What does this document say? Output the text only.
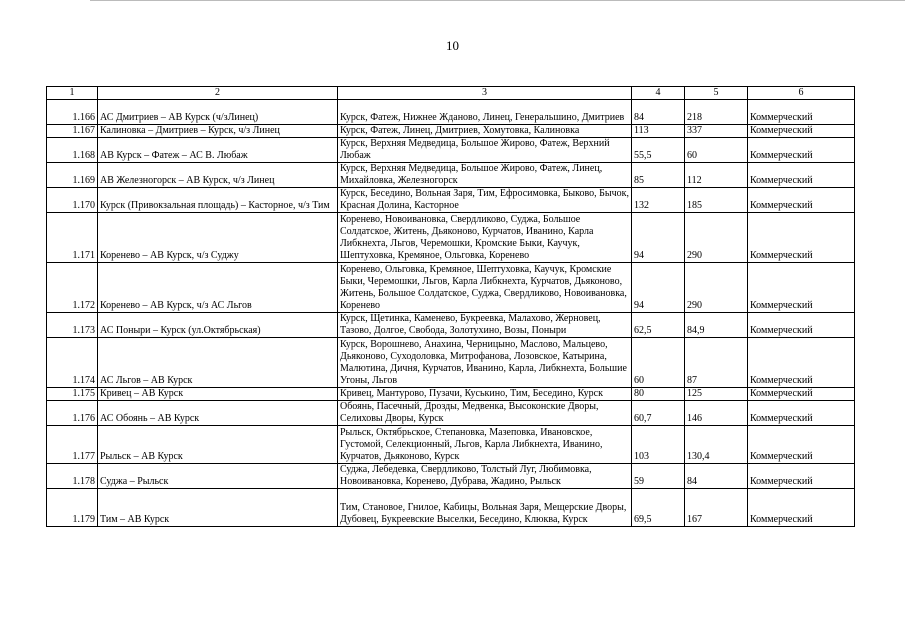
10
1	2	3	4	5	6
1.166	АС Дмитриев – АВ Курск (ч/зЛинец)	Курск, Фатеж, Нижнее Жданово, Линец, Генеральшино, Дмитриев	84	218	Коммерческий
1.167	Калиновка – Дмитриев – Курск, ч/з Линец	Курск, Фатеж, Линец, Дмитриев, Хомутовка, Калиновка	113	337	Коммерческий
1.168	АВ Курск – Фатеж – АС В. Любаж	Курск, Верхняя Медведица, Большое Жирово, Фатеж, Верхний Любаж	55,5	60	Коммерческий
1.169	АВ Железногорск – АВ Курск, ч/з Линец	Курск, Верхняя Медведица, Большое Жирово, Фатеж, Линец, Михайловка, Железногорск	85	112	Коммерческий
1.170	Курск (Привокзальная площадь) – Касторное, ч/з Тим	Курск, Беседино, Вольная Заря, Тим, Ефросимовка, Быково, Бычок, Красная Долина, Касторное	132	185	Коммерческий
1.171	Коренево – АВ Курск, ч/з Суджу	Коренево, Новоивановка, Свердликово, Суджа, Большое Солдатское, Житень, Дьяконово, Курчатов, Иванино, Карла Либкнехта, Льгов, Черемошки, Кромские Быки, Каучук, Шептуховка, Кремяное, Ольговка, Коренево	94	290	Коммерческий
1.172	Коренево – АВ Курск, ч/з АС Льгов	Коренево, Ольговка, Кремяное, Шептуховка, Каучук, Кромские Быки, Черемошки, Льгов, Карла Либкнехта, Курчатов, Дьяконово, Житень, Большое Солдатское, Суджа, Свердликово, Новоивановка, Коренево	94	290	Коммерческий
1.173	АС Поныри – Курск (ул.Октябрьская)	Курск, Щетинка, Каменево, Букреевка, Малахово, Жерновец, Тазово, Долгое, Свобода, Золотухино, Возы, Поныри	62,5	84,9	Коммерческий
1.174	АС Льгов – АВ Курск	Курск, Ворошнево, Анахина, Черницыно, Маслово, Мальцево, Дьяконово, Суходоловка, Митрофанова, Лозовское, Катырина, Малютина, Дичня, Курчатов, Иванино, Карла, Либкнехта, Большие Угоны, Льгов	60	87	Коммерческий
1.175	Кривец – АВ Курск	Кривец, Мантурово, Пузачи, Куськино, Тим, Беседино, Курск	80	125	Коммерческий
1.176	АС Обоянь – АВ Курск	Обоянь, Пасечный, Дрозды, Медвенка, Высоконские Дворы, Селиховы Дворы, Курск	60,7	146	Коммерческий
1.177	Рыльск – АВ Курск	Рыльск, Октябрьское, Степановка, Мазеповка, Ивановское, Густомой, Селекционный, Льгов, Карла Либкнехта, Иванино, Курчатов, Дьяконово, Курск	103	130,4	Коммерческий
1.178	Суджа – Рыльск	Суджа, Лебедевка, Свердликово, Толстый Луг, Любимовка, Новоивановка, Коренево, Дубрава, Жадино, Рыльск	59	84	Коммерческий
1.179	Тим – АВ Курск	Тим, Становое, Гнилое, Кабицы, Вольная Заря, Мещерские Дворы, Дубовец, Букреевские Выселки, Беседино, Клюква, Курск	69,5	167	Коммерческий
